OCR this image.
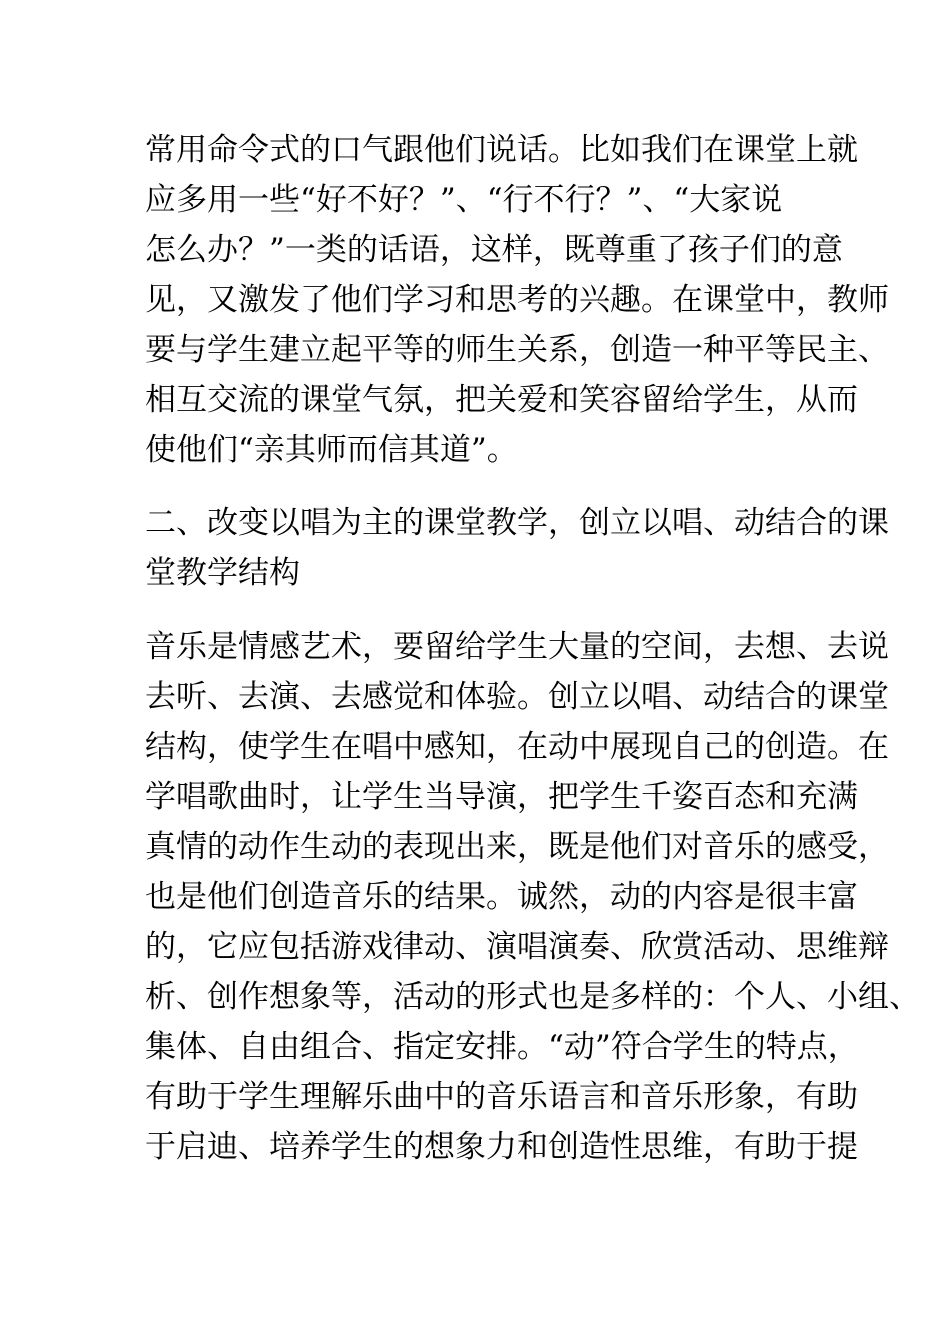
常用命令式的口气跟他们说话。比如我们在课堂上就
应多用一些“好不好？”、“行不行？”、“大家说
怎么办？”一类的话语，这样，既尊重了孩子们的意
见，又激发了他们学习和思考的兴趣。在课堂中，教师
要与学生建立起平等的师生关系，创造一种平等民主、
相互交流的课堂气氛，把关爱和笑容留给学生，从而
使他们“亲其师而信其道”。
二、改变以唱为主的课堂教学，创立以唱、动结合的课
堂教学结构
音乐是情感艺术，要留给学生大量的空间，去想、去说
去听、去演、去感觉和体验。创立以唱、动结合的课堂
结构，使学生在唱中感知，在动中展现自己的创造。在
学唱歌曲时，让学生当导演，把学生千姿百态和充满
真情的动作生动的表现出来，既是他们对音乐的感受，
也是他们创造音乐的结果。诚然，动的内容是很丰富
的，它应包括游戏律动、演唱演奏、欣赏活动、思维辩
析、创作想象等，活动的形式也是多样的：个人、小组、
集体、自由组合、指定安排。“动”符合学生的特点，
有助于学生理解乐曲中的音乐语言和音乐形象，有助
于启迪、培养学生的想象力和创造性思维，有助于提
